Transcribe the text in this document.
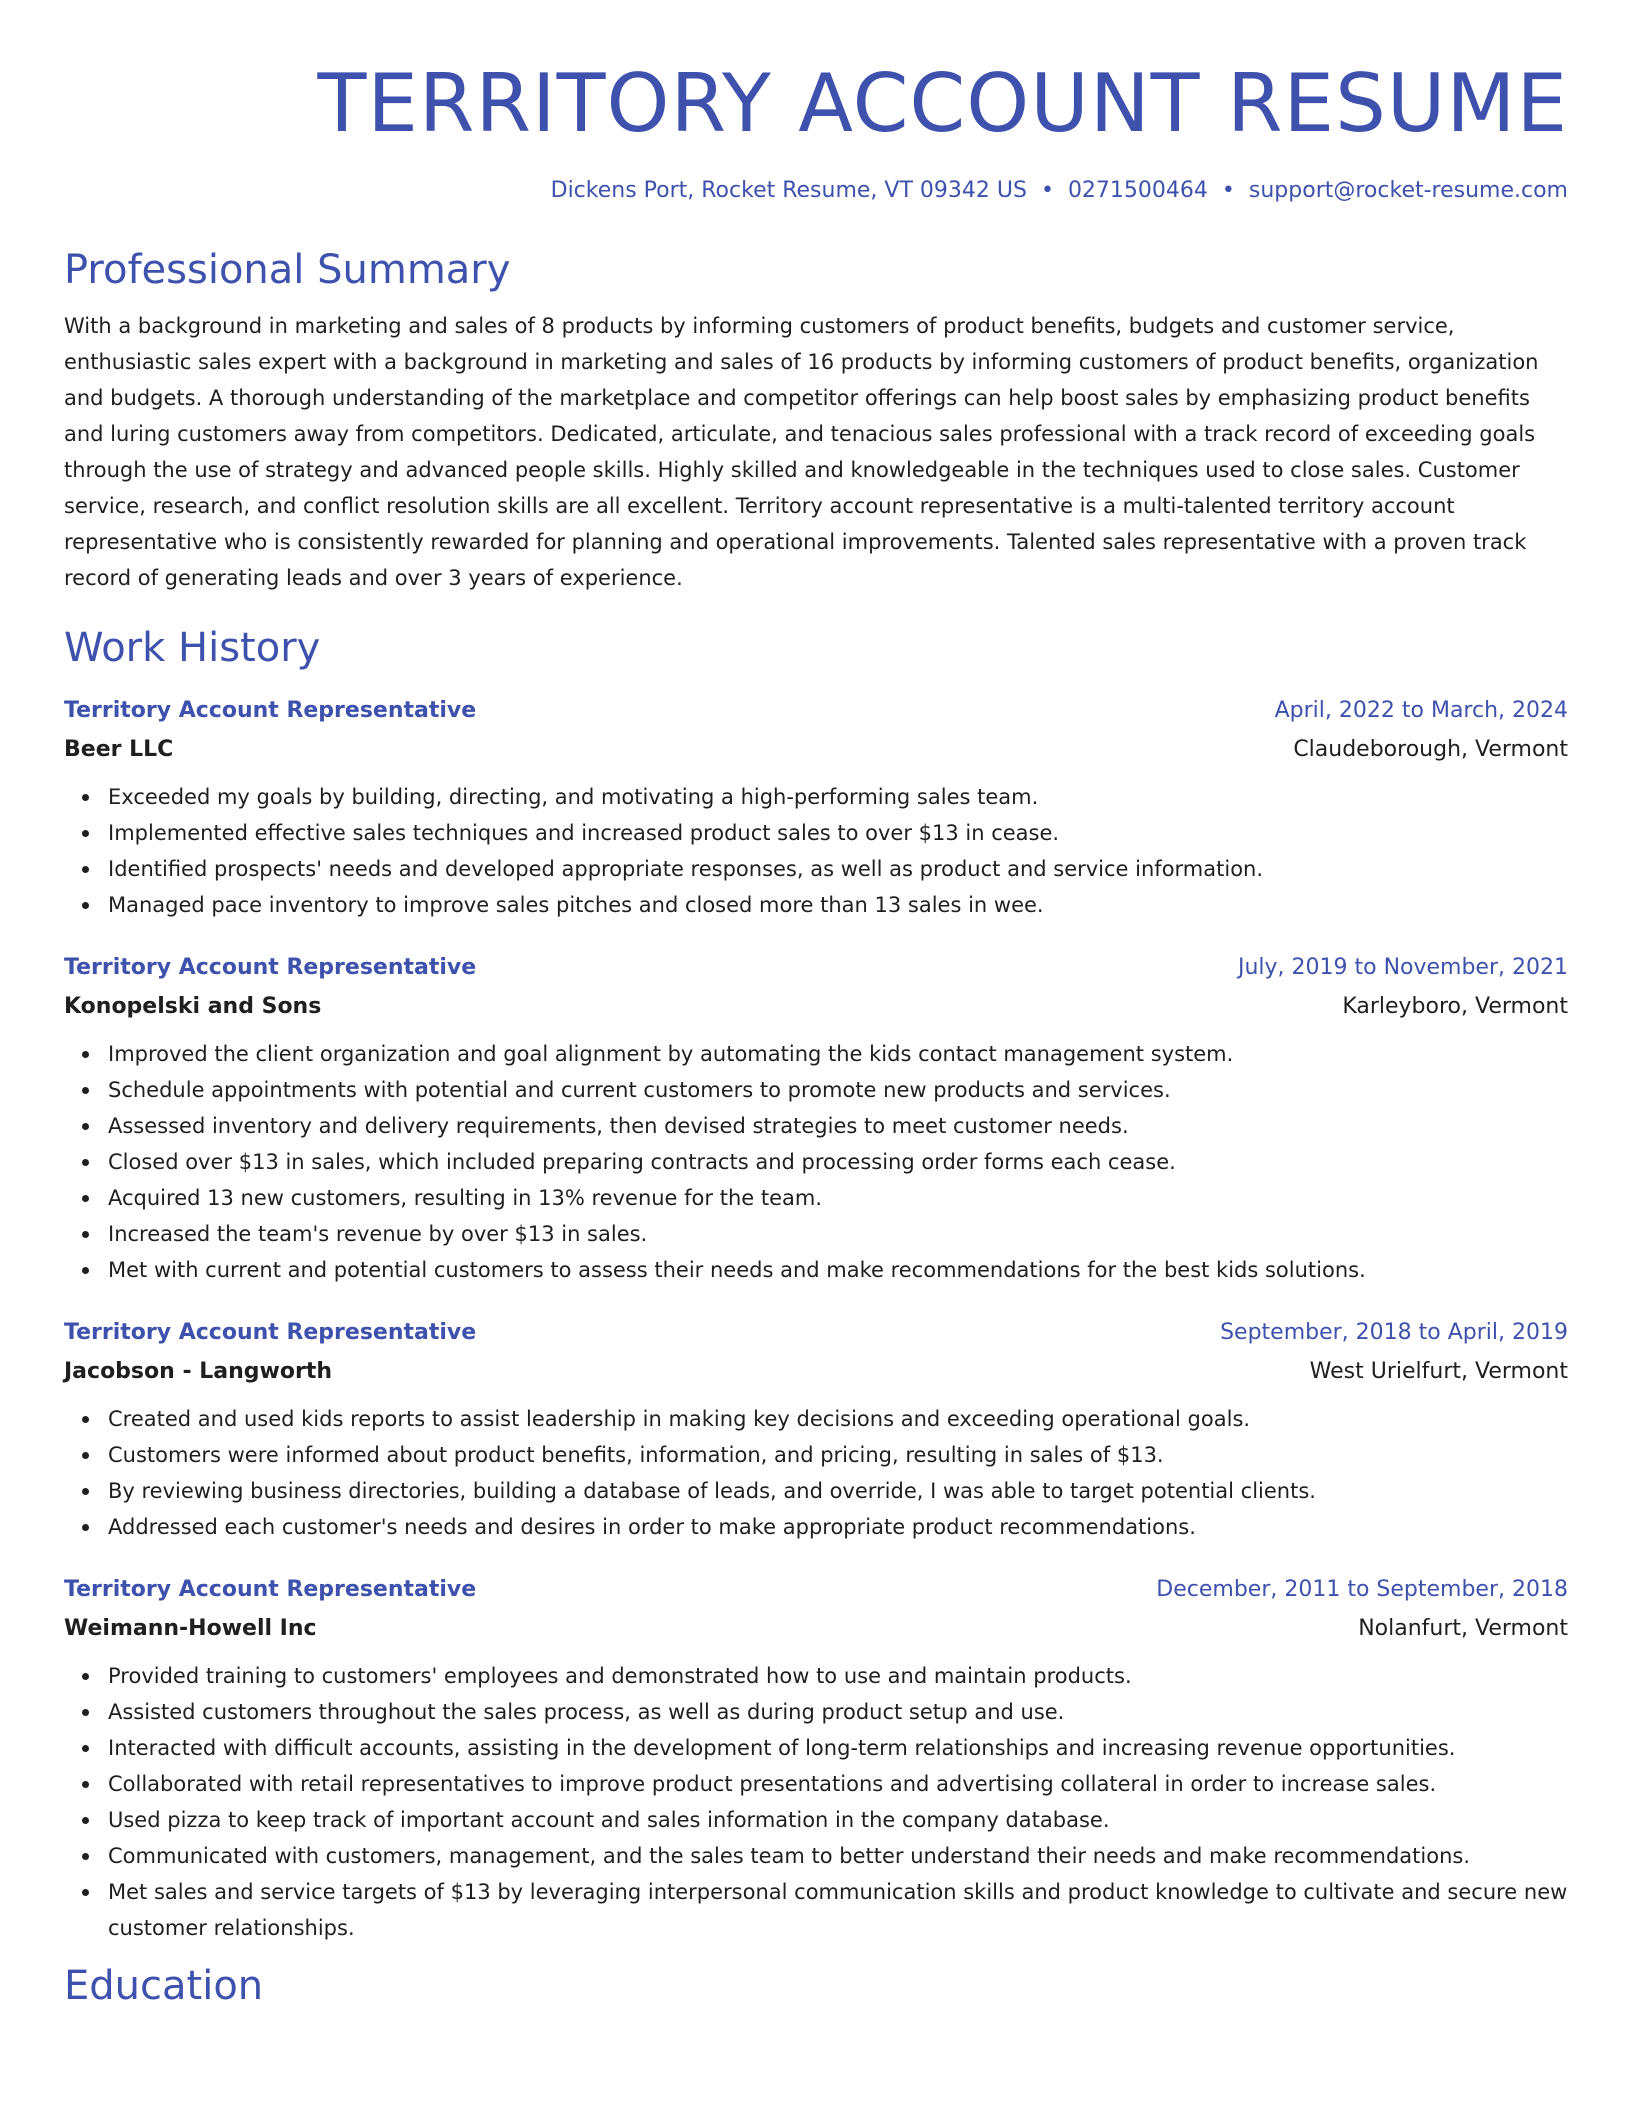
TERRITORY ACCOUNT RESUME
Dickens Port, Rocket Resume, VT 09342 US • 0271500464 • support@rocket-resume.com
Professional Summary

With a background in marketing and sales of 8 products by informing customers of product benefits, budgets and customer service, enthusiastic sales expert with a background in marketing and sales of 16 products by informing customers of product benefits, organization and budgets. A thorough understanding of the marketplace and competitor offerings can help boost sales by emphasizing product benefits and luring customers away from competitors. Dedicated, articulate, and tenacious sales professional with a track record of exceeding goals through the use of strategy and advanced people skills. Highly skilled and knowledgeable in the techniques used to close sales. Customer service, research, and conflict resolution skills are all excellent. Territory account representative is a multi-talented territory account representative who is consistently rewarded for planning and operational improvements. Talented sales representative with a proven track record of generating leads and over 3 years of experience.

Work History
Territory Account Representative	April, 2022 to March, 2024
Beer LLC	Claudeborough, Vermont
Exceeded my goals by building, directing, and motivating a high-performing sales team.
Implemented effective sales techniques and increased product sales to over $13 in cease.
Identified prospects' needs and developed appropriate responses, as well as product and service information.
Managed pace inventory to improve sales pitches and closed more than 13 sales in wee.
Territory Account Representative	July, 2019 to November, 2021
Konopelski and Sons	Karleyboro, Vermont
Improved the client organization and goal alignment by automating the kids contact management system.
Schedule appointments with potential and current customers to promote new products and services.
Assessed inventory and delivery requirements, then devised strategies to meet customer needs.
Closed over $13 in sales, which included preparing contracts and processing order forms each cease.
Acquired 13 new customers, resulting in 13% revenue for the team.
Increased the team's revenue by over $13 in sales.
Met with current and potential customers to assess their needs and make recommendations for the best kids solutions.
Territory Account Representative	September, 2018 to April, 2019
Jacobson - Langworth	West Urielfurt, Vermont
Created and used kids reports to assist leadership in making key decisions and exceeding operational goals.
Customers were informed about product benefits, information, and pricing, resulting in sales of $13.
By reviewing business directories, building a database of leads, and override, I was able to target potential clients.
Addressed each customer's needs and desires in order to make appropriate product recommendations.
Territory Account Representative	December, 2011 to September, 2018
Weimann-Howell Inc	Nolanfurt, Vermont
Provided training to customers' employees and demonstrated how to use and maintain products.
Assisted customers throughout the sales process, as well as during product setup and use.
Interacted with difficult accounts, assisting in the development of long-term relationships and increasing revenue opportunities.
Collaborated with retail representatives to improve product presentations and advertising collateral in order to increase sales.
Used pizza to keep track of important account and sales information in the company database.
Communicated with customers, management, and the sales team to better understand their needs and make recommendations.
Met sales and service targets of $13 by leveraging interpersonal communication skills and product knowledge to cultivate and secure new customer relationships.
Education
